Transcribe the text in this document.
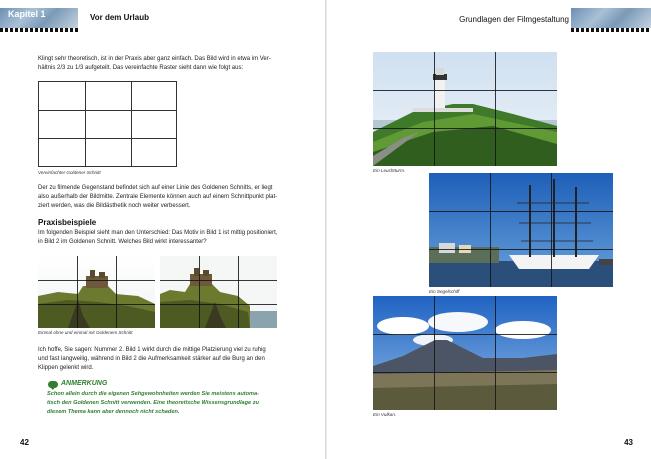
Kapitel 1	Vor dem Urlaub
Klingt sehr theoretisch, ist in der Praxis aber ganz einfach. Das Bild wird in etwa im Ver-
hältnis 2/3 zu 1/3 aufgeteilt. Das vereinfachte Raster sieht dann wie folgt aus:
Vereinfachter Goldener Schnitt
Der zu filmende Gegenstand befindet sich auf einer Linie des Goldenen Schnitts, er liegt
also außerhalb der Bildmitte. Zentrale Elemente können auch auf einem Schnittpunkt plat-
ziert werden, was die Bildästhetik noch weiter verbessert.
Praxisbeispiele
Im folgenden Beispiel sieht man den Unterschied: Das Motiv in Bild 1 ist mittig positioniert,
in Bild 2 im Goldenen Schnitt. Welches Bild wirkt interessanter?
Einmal ohne und einmal mit Goldenem Schnitt
Ich hoffe, Sie sagen: Nummer 2. Bild 1 wirkt durch die mittige Platzierung viel zu ruhig
und fast langweilig, während in Bild 2 die Aufmerksamkeit stärker auf die Burg an den
Klippen gelenkt wird.
ANMERKUNG
Schon allein durch die eigenen Sehgewohnheiten werden Sie meistens automa-
tisch den Goldenen Schnitt verwenden. Eine theoretische Wissensgrundlage zu
diesem Thema kann aber dennoch nicht schaden.
42
Grundlagen der Filmgestaltung
Ein Leuchtturm.
Ein Segelschiff
Ein Vulkan.
43
